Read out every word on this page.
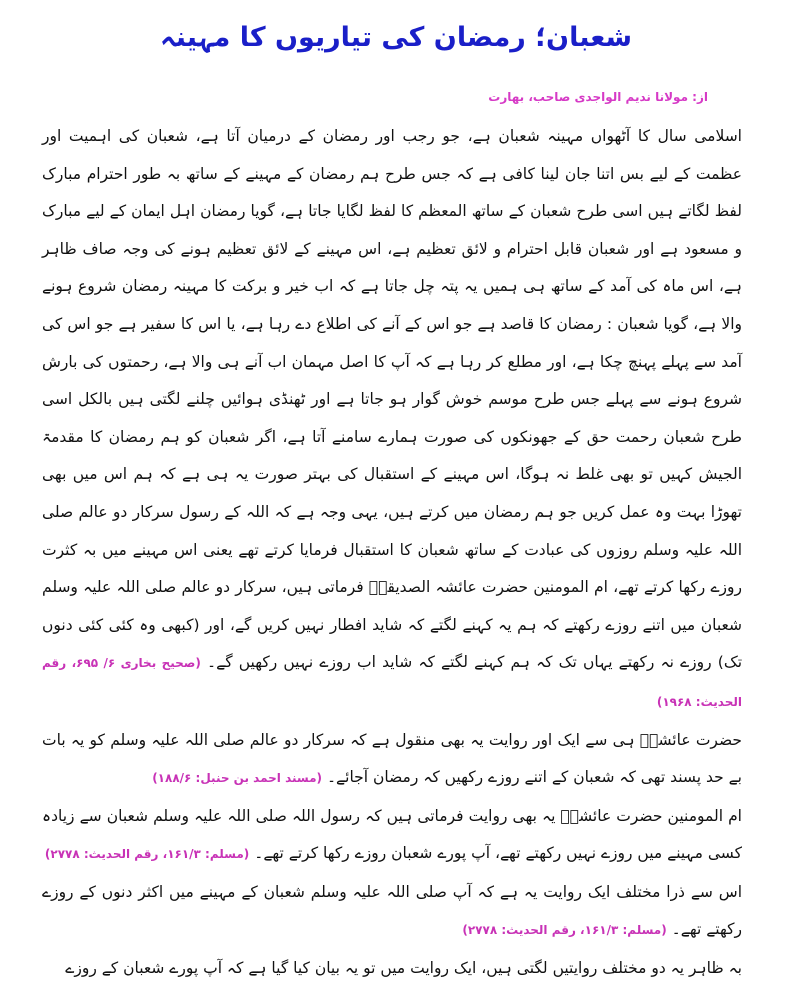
شعبان؛ رمضان کی تیاریوں کا مہینہ
از: مولانا ندیم الواجدی صاحب، بھارت

اسلامی سال کا آٹھواں مہینہ شعبان ہے، جو رجب اور رمضان کے درمیان آتا ہے، شعبان کی اہمیت اور عظمت کے لیے بس اتنا جان لینا کافی ہے کہ جس طرح ہم رمضان کے مہینے کے ساتھ بہ طور احترام مبارک لفظ لگاتے ہیں اسی طرح شعبان کے ساتھ المعظم کا لفظ لگایا جاتا ہے، گویا رمضان اہل ایمان کے لیے مبارک و مسعود ہے اور شعبان قابل احترام و لائق تعظیم ہے، اس مہینے کے لائق تعظیم ہونے کی وجہ صاف ظاہر ہے، اس ماہ کی آمد کے ساتھ ہی ہمیں یہ پتہ چل جاتا ہے کہ اب خیر و برکت کا مہینہ رمضان شروع ہونے والا ہے، گویا شعبان : رمضان کا قاصد ہے جو اس کے آنے کی اطلاع دے رہا ہے، یا اس کا سفیر ہے جو اس کی آمد سے پہلے پہنچ چکا ہے، اور مطلع کر رہا ہے کہ آپ کا اصل مہمان اب آنے ہی والا ہے، رحمتوں کی بارش شروع ہونے سے پہلے جس طرح موسم خوش گوار ہو جاتا ہے اور ٹھنڈی ہوائیں چلنے لگتی ہیں بالکل اسی طرح شعبان رحمت حق کے جھونکوں کی صورت ہمارے سامنے آتا ہے، اگر شعبان کو ہم رمضان کا مقدمۃ الجیش کہیں تو بھی غلط نہ ہوگا، اس مہینے کے استقبال کی بہتر صورت یہ ہی ہے کہ ہم اس میں بھی تھوڑا بہت وہ عمل کریں جو ہم رمضان میں کرتے ہیں، یہی وجہ ہے کہ اللہ کے رسول سرکار دو عالم صلی اللہ علیہ وسلم روزوں کی عبادت کے ساتھ شعبان کا استقبال فرمایا کرتے تھے یعنی اس مہینے میں بہ کثرت روزے رکھا کرتے تھے، ام المومنین حضرت عائشہ الصدیقہؓ فرماتی ہیں، سرکار دو عالم صلی اللہ علیہ وسلم شعبان میں اتنے روزے رکھتے کہ ہم یہ کہنے لگتے کہ شاید افطار نہیں کریں گے، اور (کبھی وہ کئی کئی دنوں تک) روزے نہ رکھتے یہاں تک کہ ہم کہنے لگتے کہ شاید اب روزے نہیں رکھیں گے۔ (صحیح بخاری ۶/ ۶۹۵، رقم الحدیث: ۱۹۶۸)

حضرت عائشہؓ ہی سے ایک اور روایت یہ بھی منقول ہے کہ سرکار دو عالم صلی اللہ علیہ وسلم کو یہ بات بے حد پسند تھی کہ شعبان کے اتنے روزے رکھیں کہ رمضان آجائے۔ (مسند احمد بن حنبل: ۱۸۸/۶)

ام المومنین حضرت عائشہؓ یہ بھی روایت فرماتی ہیں کہ رسول اللہ صلی اللہ علیہ وسلم شعبان سے زیادہ کسی مہینے میں روزے نہیں رکھتے تھے، آپ پورے شعبان روزے رکھا کرتے تھے۔ (مسلم: ۱۶۱/۳، رقم الحدیث: ۲۷۷۸)

اس سے ذرا مختلف ایک روایت یہ ہے کہ آپ صلی اللہ علیہ وسلم شعبان کے مہینے میں اکثر دنوں کے روزے رکھتے تھے۔ (مسلم: ۱۶۱/۳، رقم الحدیث: ۲۷۷۸)

بہ ظاہر یہ دو مختلف روایتیں لگتی ہیں، ایک روایت میں تو یہ بیان کیا گیا ہے کہ آپ پورے شعبان کے روزے
